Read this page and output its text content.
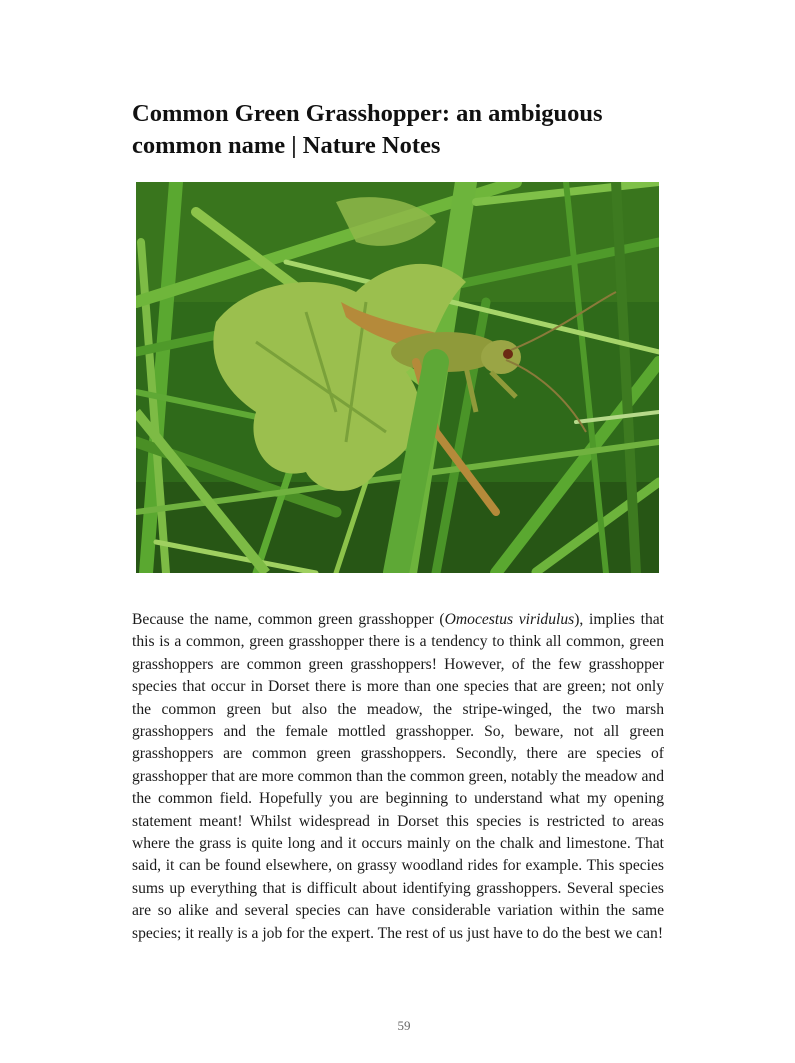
Common Green Grasshopper: an ambiguous common name | Nature Notes

Because the name, common green grasshopper (Omocestus viridulus), implies that this is a common, green grasshopper there is a tendency to think all common, green grasshoppers are common green grasshoppers! However, of the few grasshopper species that occur in Dorset there is more than one species that are green; not only the common green but also the meadow, the stripe-winged, the two marsh grasshoppers and the female mottled grasshopper. So, beware, not all green grasshoppers are common green grasshoppers. Secondly, there are species of grasshopper that are more common than the common green, notably the meadow and the common field. Hopefully you are beginning to understand what my opening statement meant! Whilst widespread in Dorset this species is restricted to areas where the grass is quite long and it occurs mainly on the chalk and limestone. That said, it can be found elsewhere, on grassy woodland rides for example. This species sums up everything that is difficult about identifying grasshoppers. Several species are so alike and several species can have considerable variation within the same species; it really is a job for the expert. The rest of us just have to do the best we can!

59
